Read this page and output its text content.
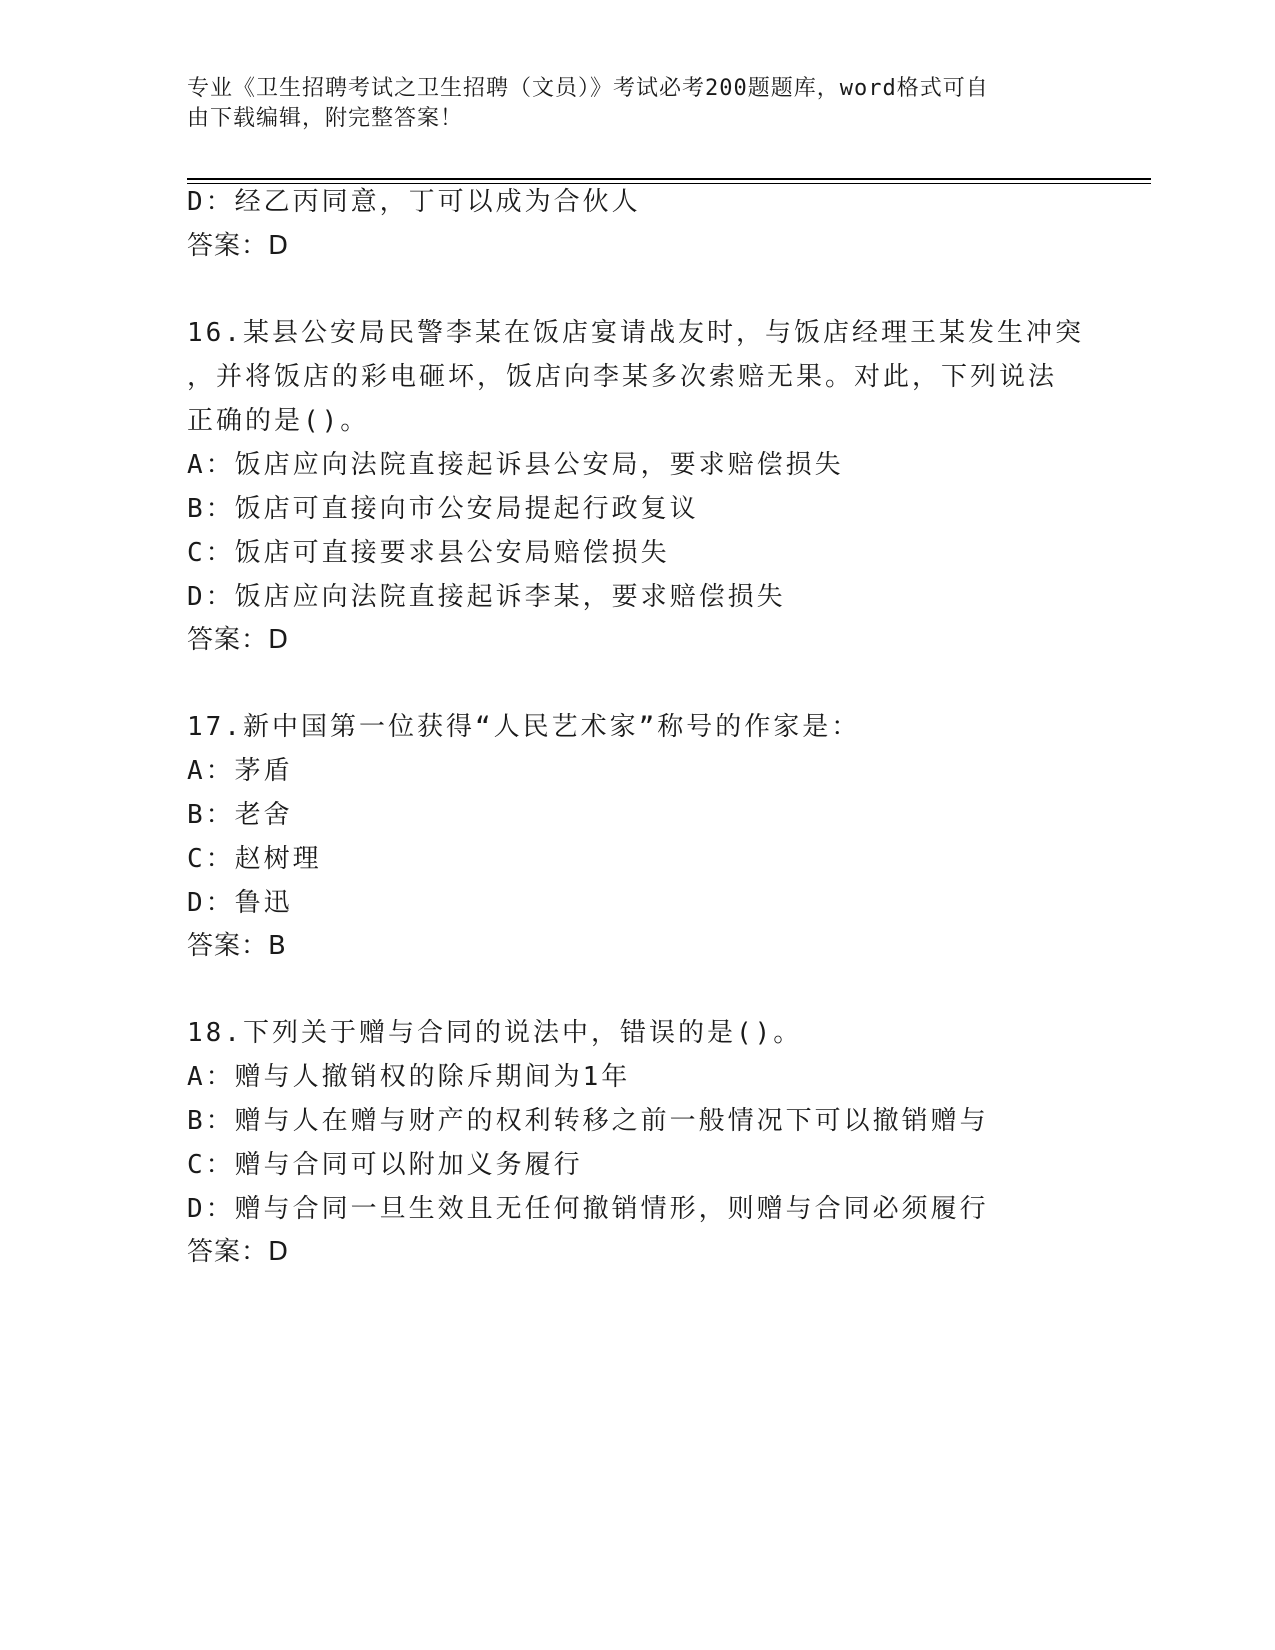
专业《卫生招聘考试之卫生招聘（文员）》考试必考200题题库，word格式可自
由下载编辑，附完整答案！
D：经乙丙同意，丁可以成为合伙人
答案：D
16.某县公安局民警李某在饭店宴请战友时，与饭店经理王某发生冲突
，并将饭店的彩电砸坏，饭店向李某多次索赔无果。对此，下列说法
正确的是()。
A：饭店应向法院直接起诉县公安局，要求赔偿损失
B：饭店可直接向市公安局提起行政复议
C：饭店可直接要求县公安局赔偿损失
D：饭店应向法院直接起诉李某，要求赔偿损失
答案：D
17.新中国第一位获得“人民艺术家”称号的作家是：
A：茅盾
B：老舍
C：赵树理
D：鲁迅
答案：B
18.下列关于赠与合同的说法中，错误的是()。
A：赠与人撤销权的除斥期间为1年
B：赠与人在赠与财产的权利转移之前一般情况下可以撤销赠与
C：赠与合同可以附加义务履行
D：赠与合同一旦生效且无任何撤销情形，则赠与合同必须履行
答案：D
